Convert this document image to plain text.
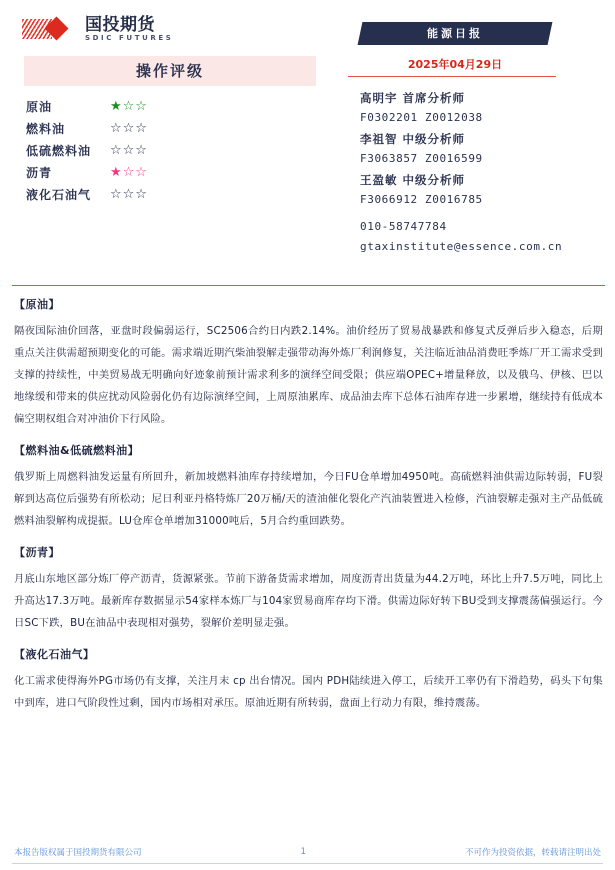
国投期货
SDIC FUTURES
操作评级
原油	★☆☆
燃料油	☆☆☆
低硫燃料油	☆☆☆
沥青	★☆☆
液化石油气	☆☆☆
能源日报
2025年04月29日
高明宇 首席分析师
F0302201 Z0012038
李祖智 中级分析师
F3063857 Z0016599
王盈敏 中级分析师
F3066912 Z0016785
010-58747784
gtaxinstitute@essence.com.cn
【原油】
隔夜国际油价回落，亚盘时段偏弱运行，SC2506合约日内跌2.14%。油价经历了贸易战暴跌和修复式反弹后步入稳态，后期重点关注供需超预期变化的可能。需求端近期汽柴油裂解走强带动海外炼厂利润修复，关注临近油品消费旺季炼厂开工需求受到支撑的持续性，中美贸易战无明确向好迹象前预计需求利多的演绎空间受限；供应端OPEC+增量释放，以及俄乌、伊核、巴以地缘缓和带来的供应扰动风险弱化仍有边际演绎空间，上周原油累库、成品油去库下总体石油库存进一步累增，继续持有低成本偏空期权组合对冲油价下行风险。
【燃料油&低硫燃料油】
俄罗斯上周燃料油发运量有所回升，新加坡燃料油库存持续增加，今日FU仓单增加4950吨。高硫燃料油供需边际转弱，FU裂解到达高位后强势有所松动；尼日利亚丹格特炼厂20万桶/天的渣油催化裂化产汽油装置进入检修，汽油裂解走强对主产品低硫燃料油裂解构成提振。LU仓库仓单增加31000吨后，5月合约重回跌势。
【沥青】
月底山东地区部分炼厂停产沥青，货源紧张。节前下游备货需求增加，周度沥青出货量为44.2万吨，环比上升7.5万吨，同比上升高达17.3万吨。最新库存数据显示54家样本炼厂与104家贸易商库存均下滑。供需边际好转下BU受到支撑震荡偏强运行。今日SC下跌，BU在油品中表现相对强势，裂解价差明显走强。
【液化石油气】
化工需求使得海外PG市场仍有支撑，关注月末 cp 出台情况。国内 PDH陆续进入停工，后续开工率仍有下滑趋势，码头下旬集中到库，进口气阶段性过剩，国内市场相对承压。原油近期有所转弱，盘面上行动力有限，维持震荡。
本报告版权属于国投期货有限公司	1	不可作为投资依据，转载请注明出处
